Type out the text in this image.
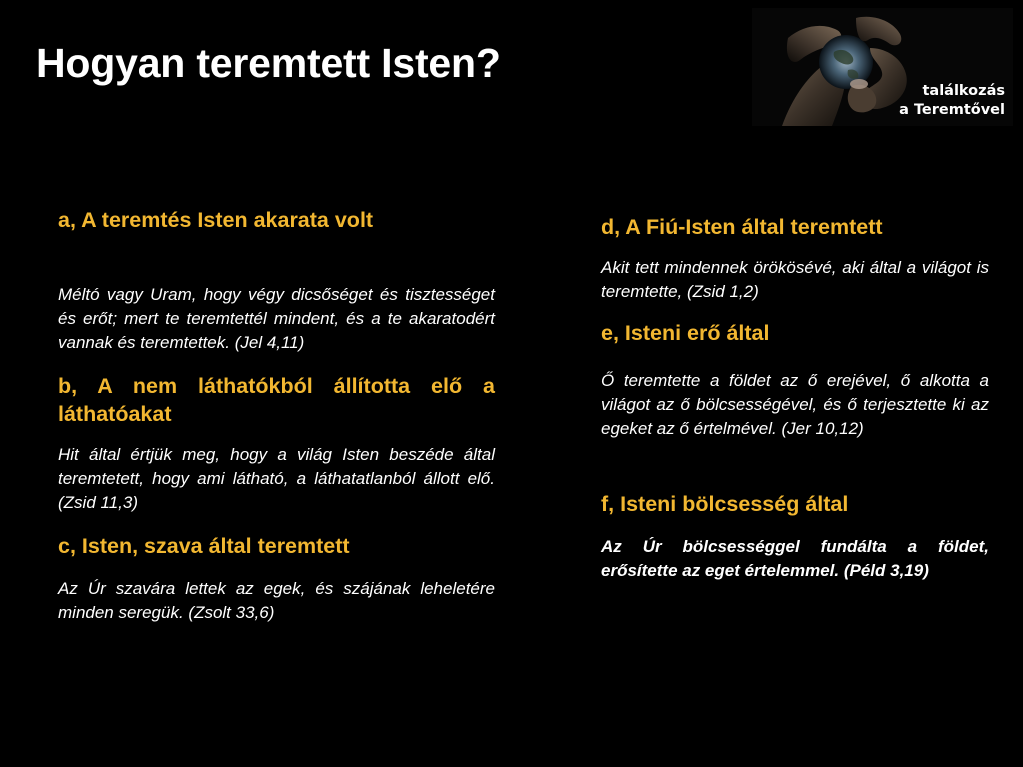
Hogyan teremtett Isten?
találkozás
a Teremtővel
a, A teremtés Isten akarata volt

Méltó vagy Uram, hogy végy dicsőséget és tisztességet és erőt; mert te teremtettél mindent, és a te akaratodért vannak és teremtettek. (Jel 4,11)

b, A nem láthatókból állította elő a láthatóakat

Hit által értjük meg, hogy a világ Isten beszéde által teremtetett, hogy ami látható, a láthatatlanból állott elő. (Zsid 11,3)

c, Isten, szava által teremtett

Az Úr szavára lettek az egek, és szájának leheletére minden seregük. (Zsolt 33,6)

d, A Fiú-Isten által teremtett

Akit tett mindennek örökösévé, aki által a világot is teremtette, (Zsid 1,2)

e, Isteni erő által

Ő teremtette a földet az ő erejével, ő alkotta a világot az ő bölcsességével, és ő terjesztette ki az egeket az ő értelmével. (Jer 10,12)

f, Isteni bölcsesség által

Az Úr bölcsességgel fundálta a földet, erősítette az eget értelemmel. (Péld 3,19)
